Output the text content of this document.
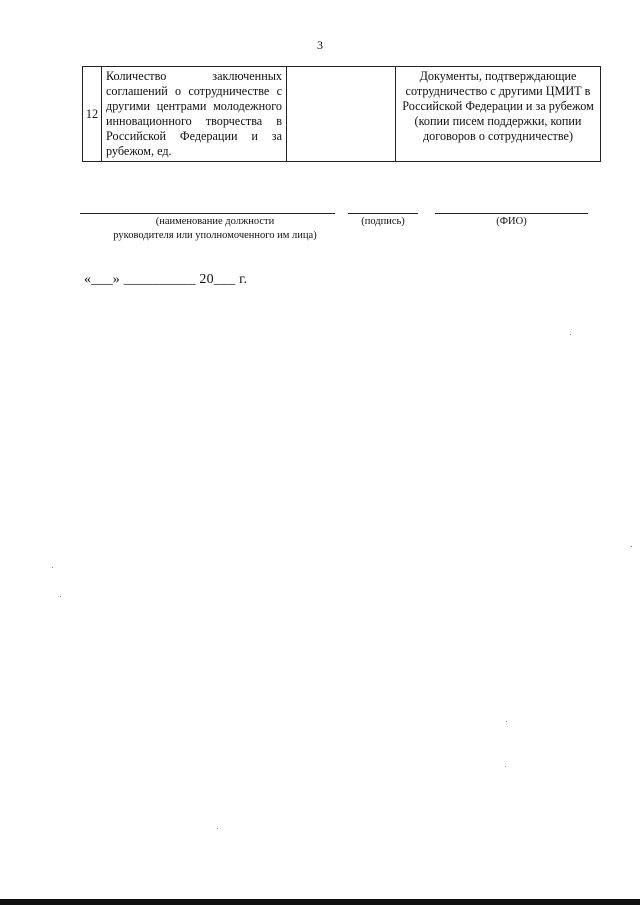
3
12	Количество заключенных соглашений о сотрудничестве с другими центрами молодежного инновационного творчества в Российской Федерации и за рубежом, ед.		Документы, подтверждающие сотрудничество с другими ЦМИТ в Российской Федерации и за рубежом (копии писем поддержки, копии договоров о сотрудничестве)
(наименование должности
руководителя или уполномоченного им лица)
(подпись)	(ФИО)
«___» __________ 20___ г.
